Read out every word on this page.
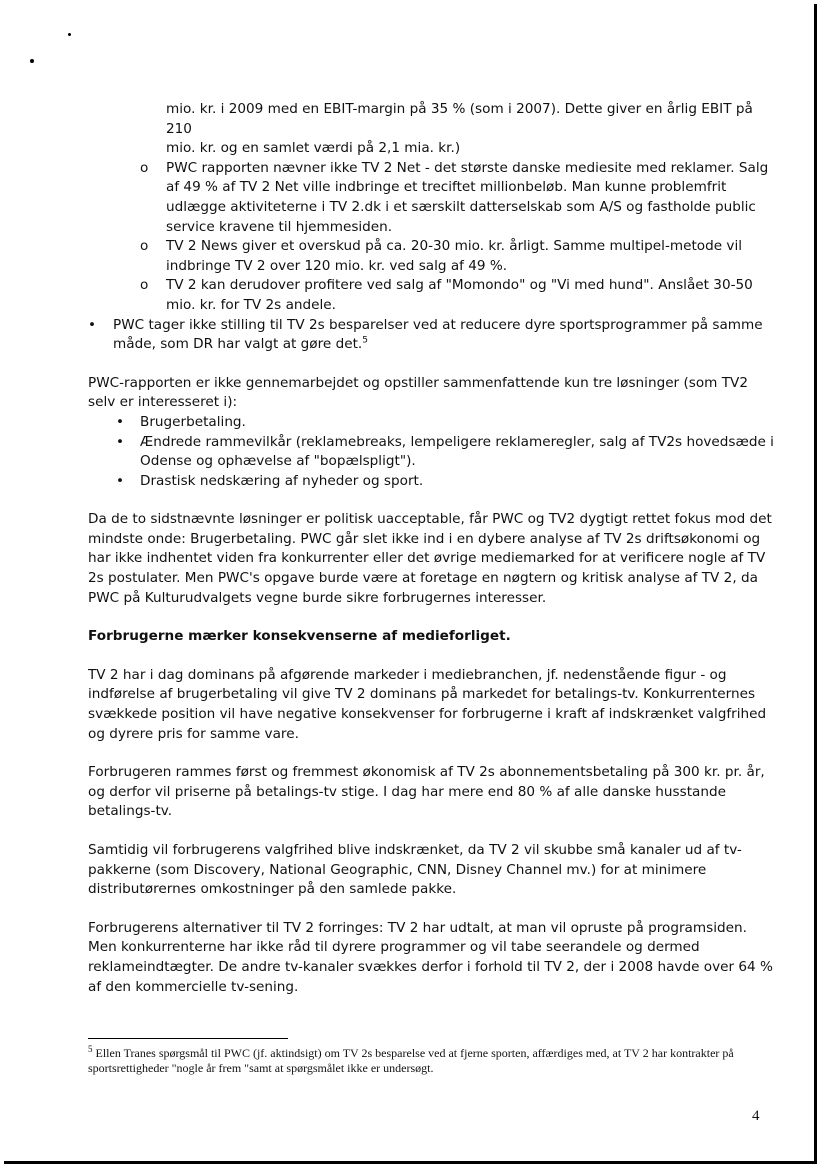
mio. kr. i 2009 med en EBIT-margin på 35 % (som i 2007). Dette giver en årlig EBIT på 210
mio. kr. og en samlet værdi på 2,1 mia. kr.)
o PWC rapporten nævner ikke TV 2 Net - det største danske mediesite med reklamer. Salg af 49 % af TV 2 Net ville indbringe et treciftet millionbeløb. Man kunne problemfrit udlægge aktiviteterne i TV 2.dk i et særskilt datterselskab som A/S og fastholde public service kravene til hjemmesiden.
o TV 2 News giver et overskud på ca. 20-30 mio. kr. årligt. Samme multipel-metode vil indbringe TV 2 over 120 mio. kr. ved salg af 49 %.
o TV 2 kan derudover profitere ved salg af "Momondo" og "Vi med hund". Anslået 30-50 mio. kr. for TV 2s andele.
• PWC tager ikke stilling til TV 2s besparelser ved at reducere dyre sportsprogrammer på samme måde, som DR har valgt at gøre det.$^5$

PWC-rapporten er ikke gennemarbejdet og opstiller sammenfattende kun tre løsninger (som TV2 selv er interesseret i):

• Brugerbetaling.
• Ændrede rammevilkår (reklamebreaks, lempeligere reklameregler, salg af TV2s hovedsæde i Odense og ophævelse af "bopælspligt").
• Drastisk nedskæring af nyheder og sport.

Da de to sidstnævnte løsninger er politisk uacceptable, får PWC og TV2 dygtigt rettet fokus mod det mindste onde: Brugerbetaling. PWC går slet ikke ind i en dybere analyse af TV 2s driftsøkonomi og har ikke indhentet viden fra konkurrenter eller det øvrige mediemarked for at verificere nogle af TV 2s postulater. Men PWC's opgave burde være at foretage en nøgtern og kritisk analyse af TV 2, da PWC på Kulturudvalgets vegne burde sikre forbrugernes interesser.

Forbrugerne mærker konsekvenserne af medieforliget.

TV 2 har i dag dominans på afgørende markeder i mediebranchen, jf. nedenstående figur - og indførelse af brugerbetaling vil give TV 2 dominans på markedet for betalings-tv. Konkurrenternes svækkede position vil have negative konsekvenser for forbrugerne i kraft af indskrænket valgfrihed og dyrere pris for samme vare.

Forbrugeren rammes først og fremmest økonomisk af TV 2s abonnementsbetaling på 300 kr. pr. år, og derfor vil priserne på betalings-tv stige. I dag har mere end 80 % af alle danske husstande betalings-tv.

Samtidig vil forbrugerens valgfrihed blive indskrænket, da TV 2 vil skubbe små kanaler ud af tv-pakkerne (som Discovery, National Geographic, CNN, Disney Channel mv.) for at minimere distributørernes omkostninger på den samlede pakke.

Forbrugerens alternativer til TV 2 forringes: TV 2 har udtalt, at man vil opruste på programsiden. Men konkurrenterne har ikke råd til dyrere programmer og vil tabe seerandele og dermed reklameindtægter. De andre tv-kanaler svækkes derfor i forhold til TV 2, der i 2008 havde over 64 % af den kommercielle tv-sening.

$^5$ Ellen Tranes spørgsmål til PWC (jf. aktindsigt) om TV 2s besparelse ved at fjerne sporten, affærdiges med, at TV 2 har kontrakter på sportsrettigheder "nogle år frem "samt at spørgsmålet ikke er undersøgt.
4
